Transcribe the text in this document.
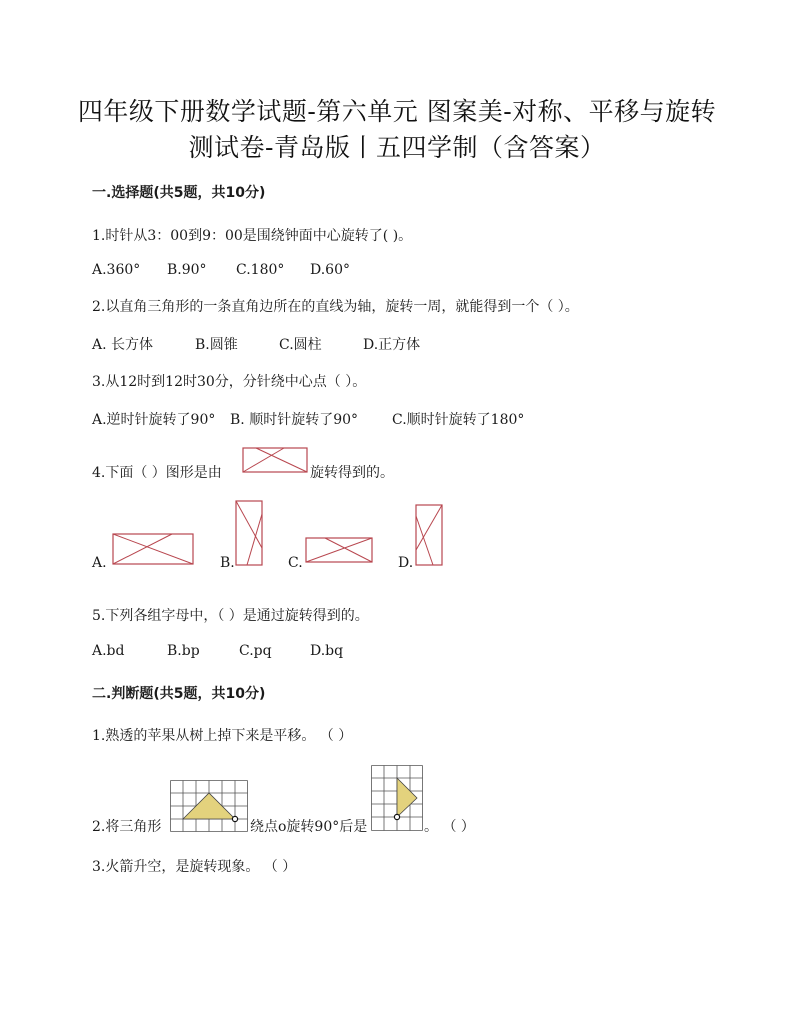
四年级下册数学试题-第六单元 图案美-对称、平移与旋转
测试卷-青岛版丨五四学制（含答案）
一.选择题(共5题，共10分)
1.时针从3：00到9：00是围绕钟面中心旋转了( )。
A.360° B.90° C.180° D.60°
2.以直角三角形的一条直角边所在的直线为轴，旋转一周，就能得到一个（ ）。
A. 长方体	B.圆锥	C.圆柱	D.正方体
3.从12时到12时30分，分针绕中心点（ ）。
A.逆时针旋转了90° B. 顺时针旋转了90° C.顺时针旋转了180°
4.下面（ ）图形是由	旋转得到的。
A.	B.	C.	D.
5.下列各组字母中，（ ）是通过旋转得到的。
A.bd	B.bp	C.pq	D.bq
二.判断题(共5题，共10分)
1.熟透的苹果从树上掉下来是平移。 （ ）
2.将三角形	绕点o旋转90°后是	。 （ ）
3.火箭升空，是旋转现象。 （ ）
